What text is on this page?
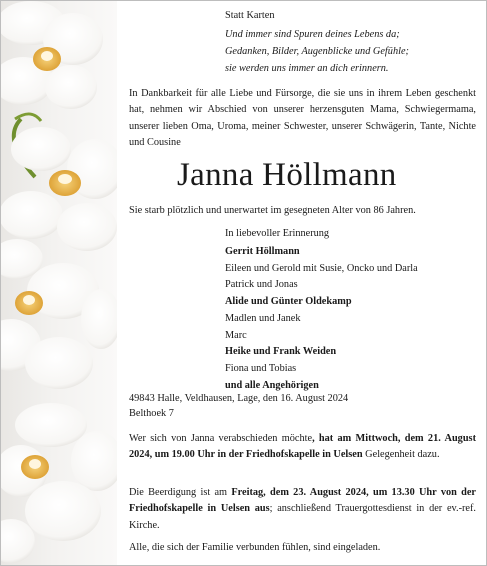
Statt Karten
Und immer sind Spuren deines Lebens da;
Gedanken, Bilder, Augenblicke und Gefühle;
sie werden uns immer an dich erinnern.
In Dankbarkeit für alle Liebe und Fürsorge, die sie uns in ihrem Leben geschenkt hat, nehmen wir Abschied von unserer herzensguten Mama, Schwiegermama, unserer lieben Oma, Uroma, meiner Schwester, unserer Schwägerin, Tante, Nichte und Cousine
Janna Höllmann
Sie starb plötzlich und unerwartet im gesegneten Alter von 86 Jahren.
In liebevoller Erinnerung
Gerrit Höllmann
Eileen und Gerold mit Susie, Oncko und Darla
Patrick und Jonas
Alide und Günter Oldekamp
Madlen und Janek
Marc
Heike und Frank Weiden
Fiona und Tobias
und alle Angehörigen
49843 Halle, Veldhausen, Lage, den 16. August 2024
Belthoek 7
Wer sich von Janna verabschieden möchte, hat am Mittwoch, dem 21. August 2024, um 19.00 Uhr in der Friedhofskapelle in Uelsen Gelegenheit dazu.
Die Beerdigung ist am Freitag, dem 23. August 2024, um 13.30 Uhr von der Friedhofskapelle in Uelsen aus; anschließend Trauergottesdienst in der ev.-ref. Kirche.
Alle, die sich der Familie verbunden fühlen, sind eingeladen.
